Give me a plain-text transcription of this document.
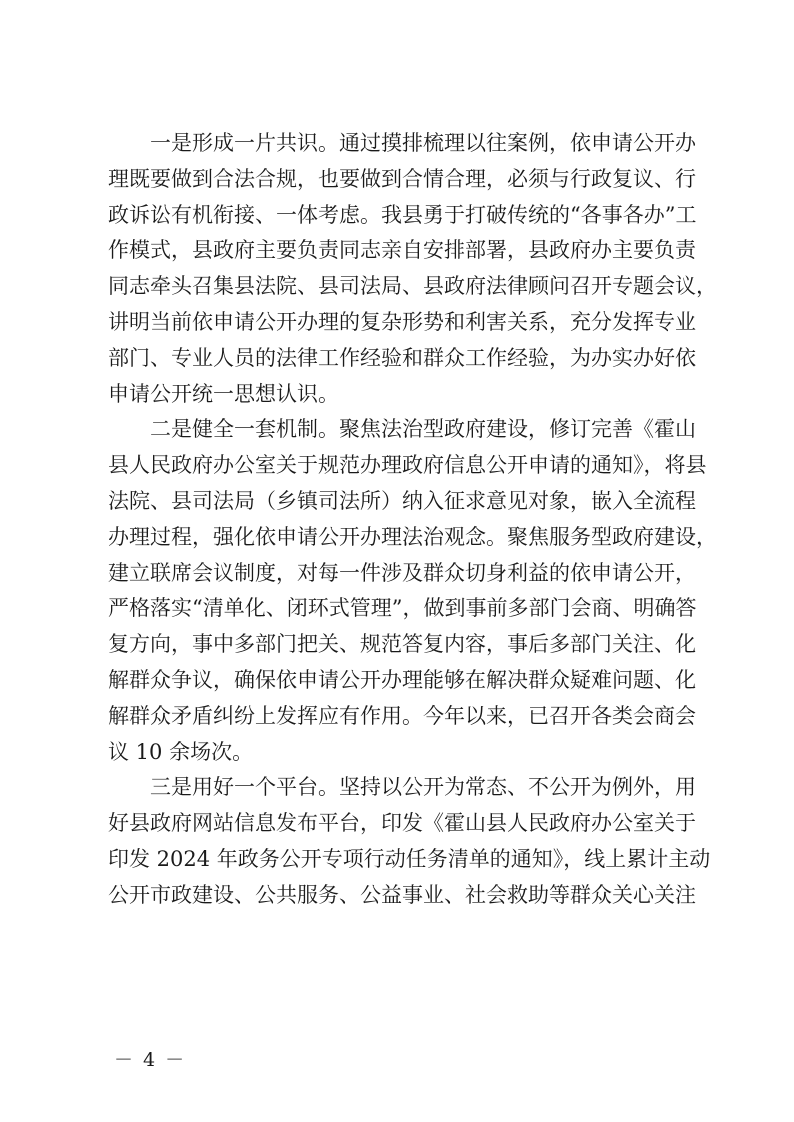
一是形成一片共识。通过摸排梳理以往案例，依申请公开办
理既要做到合法合规，也要做到合情合理，必须与行政复议、行
政诉讼有机衔接、一体考虑。我县勇于打破传统的“各事各办”工
作模式，县政府主要负责同志亲自安排部署，县政府办主要负责
同志牵头召集县法院、县司法局、县政府法律顾问召开专题会议，
讲明当前依申请公开办理的复杂形势和利害关系，充分发挥专业
部门、专业人员的法律工作经验和群众工作经验，为办实办好依
申请公开统一思想认识。
二是健全一套机制。聚焦法治型政府建设，修订完善《霍山
县人民政府办公室关于规范办理政府信息公开申请的通知》，将县
法院、县司法局（乡镇司法所）纳入征求意见对象，嵌入全流程
办理过程，强化依申请公开办理法治观念。聚焦服务型政府建设，
建立联席会议制度，对每一件涉及群众切身利益的依申请公开，
严格落实“清单化、闭环式管理”，做到事前多部门会商、明确答
复方向，事中多部门把关、规范答复内容，事后多部门关注、化
解群众争议，确保依申请公开办理能够在解决群众疑难问题、化
解群众矛盾纠纷上发挥应有作用。今年以来，已召开各类会商会
议 10 余场次。
三是用好一个平台。坚持以公开为常态、不公开为例外，用
好县政府网站信息发布平台，印发《霍山县人民政府办公室关于
印发 2024 年政务公开专项行动任务清单的通知》，线上累计主动
公开市政建设、公共服务、公益事业、社会救助等群众关心关注
－ 4 －
